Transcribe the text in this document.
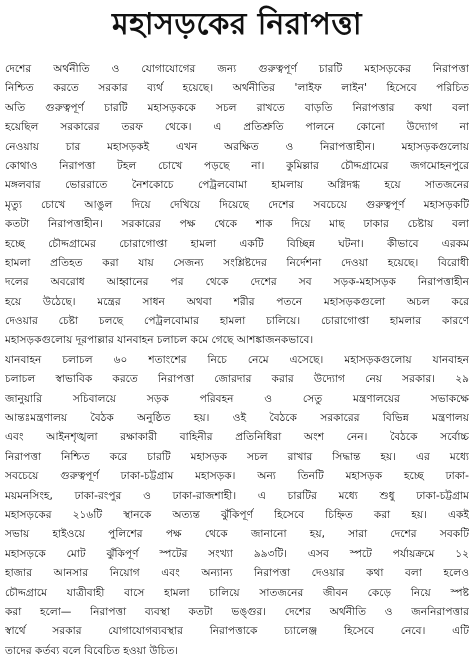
মহাসড়কের নিরাপত্তা
দেশের অর্থনীতি ও যোগাযোগের জন্য গুরুত্বপূর্ণ চারটি মহাসড়কের নিরাপত্তা
নিশ্চিত করতে সরকার ব্যর্থ হয়েছে। অর্থনীতির 'লাইফ লাইন' হিসেবে পরিচিত
অতি গুরুত্বপূর্ণ চারটি মহাসড়ককে সচল রাখতে বাড়তি নিরাপত্তার কথা বলা
হয়েছিল সরকারের তরফ থেকে। এ প্রতিশ্রুতি পালনে কোনো উদ্যোগ না
নেওয়ায় চার মহাসড়কই এখন অরক্ষিত ও নিরাপত্তাহীন। মহাসড়কগুলোয়
কোথাও নিরাপত্তা টহল চোখে পড়ছে না। কুমিল্লার চৌদ্দগ্রামের জগমোহনপুরে
মঙ্গলবার ভোররাতে নৈশকোচে পেট্রলবোমা হামলায় অগ্নিদগ্ধ হয়ে সাতজনের
মৃত্যু চোখে আঙুল দিয়ে দেখিয়ে দিয়েছে দেশের সবচেয়ে গুরুত্বপূর্ণ মহাসড়কটি
কতটা নিরাপত্তাহীন। সরকারের পক্ষ থেকে শাক দিয়ে মাছ ঢাকার চেষ্টায় বলা
হচ্ছে চৌদ্দগ্রামের চোরাগোপ্তা হামলা একটি বিচ্ছিন্ন ঘটনা। কীভাবে এরকম
হামলা প্রতিহত করা যায় সেজন্য সংশ্লিষ্টদের নির্দেশনা দেওয়া হয়েছে। বিরোধী
দলের অবরোধ আহ্বানের পর থেকে দেশের সব সড়ক-মহাসড়ক নিরাপত্তাহীন
হয়ে উঠেছে। মন্ত্রের সাধন অথবা শরীর পতনে মহাসড়কগুলো অচল করে
দেওয়ার চেষ্টা চলছে পেট্রলবোমার হামলা চালিয়ে। চোরাগোপ্তা হামলার কারণে
মহাসড়কগুলোয় দূরপাল্লার যানবাহন চলাচল কমে গেছে আশঙ্কাজনকভাবে।
যানবাহন চলাচল ৬০ শতাংশের নিচে নেমে এসেছে। মহাসড়কগুলোয় যানবাহন
চলাচল স্বাভাবিক করতে নিরাপত্তা জোরদার করার উদ্যোগ নেয় সরকার। ২৯
জানুয়ারি সচিবালয়ে সড়ক পরিবহন ও সেতু মন্ত্রণালয়ের সভাকক্ষে
আন্তঃমন্ত্রণালয় বৈঠক অনুষ্ঠিত হয়। ওই বৈঠকে সরকারের বিভিন্ন মন্ত্রণালয়
এবং আইনশৃঙ্খলা রক্ষাকারী বাহিনীর প্রতিনিধিরা অংশ নেন। বৈঠকে সর্বোচ্চ
নিরাপত্তা নিশ্চিত করে চারটি মহাসড়ক সচল রাখার সিদ্ধান্ত হয়। এর মধ্যে
সবচেয়ে গুরুত্বপূর্ণ ঢাকা-চট্টগ্রাম মহাসড়ক। অন্য তিনটি মহাসড়ক হচ্ছে ঢাকা-
ময়মনসিংহ, ঢাকা-রংপুর ও ঢাকা-রাজশাহী। এ চারটির মধ্যে শুধু ঢাকা-চট্টগ্রাম
মহাসড়কের ২১৬টি স্থানকে অত্যন্ত ঝুঁকিপূর্ণ হিসেবে চিহ্নিত করা হয়। একই
সভায় হাইওয়ে পুলিশের পক্ষ থেকে জানানো হয়, সারা দেশের সবকটি
মহাসড়কে মোট ঝুঁকিপূর্ণ স্পটের সংখ্যা ৯৯৩টি। এসব স্পটে পর্যায়ক্রমে ১২
হাজার আনসার নিয়োগ এবং অন্যান্য নিরাপত্তা দেওয়ার কথা বলা হলেও
চৌদ্দগ্রামে যাত্রীবাহী বাসে হামলা চালিয়ে সাতজনের জীবন কেড়ে নিয়ে স্পষ্ট
করা হলো— নিরাপত্তা ব্যবস্থা কতটা ভঙ্গুর। দেশের অর্থনীতি ও জননিরাপত্তার
স্বার্থে সরকার যোগাযোগব্যবস্থার নিরাপত্তাকে চ্যালেঞ্জ হিসেবে নেবে। এটি
তাদের কর্তব্য বলে বিবেচিত হওয়া উচিত।
